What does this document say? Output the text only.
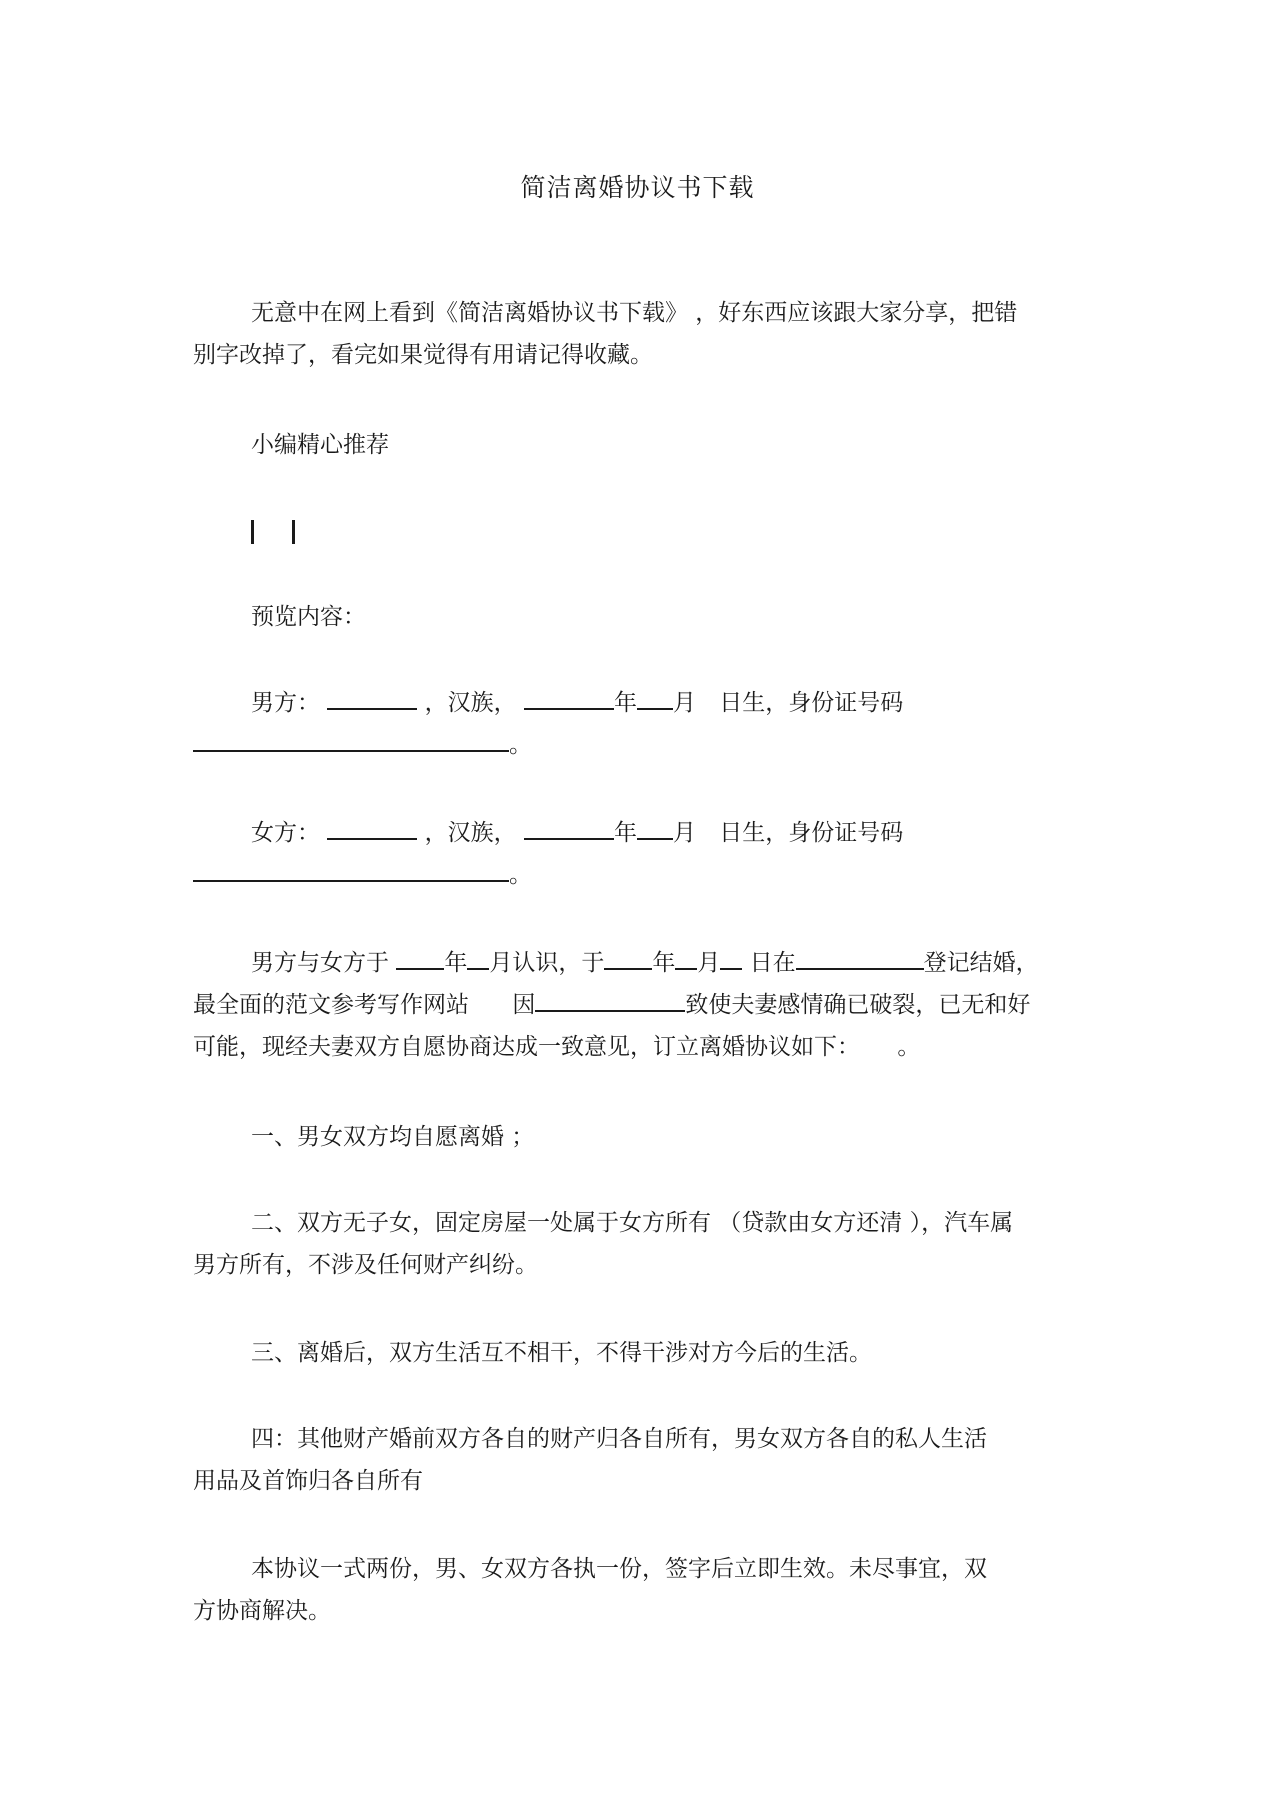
简洁离婚协议书下载
无意中在网上看到《简洁离婚协议书下载》 ，好东西应该跟大家分享，把错
别字改掉了，看完如果觉得有用请记得收藏。
小编精心推荐
预览内容：
男方：	，汉族，	年 月 日生，身份证号码
。
女方：	，汉族，	年 月 日生，身份证号码
。
男方与女方于 年 月认识，于 年 月 日在	登记结婚，
最全面的范文参考写作网站 因	致使夫妻感情确已破裂，已无和好
可能，现经夫妻双方自愿协商达成一致意见，订立离婚协议如下： 。
一、男女双方均自愿离婚 ；
二、双方无子女，固定房屋一处属于女方所有 （贷款由女方还清 ），汽车属
男方所有，不涉及任何财产纠纷。
三、离婚后，双方生活互不相干，不得干涉对方今后的生活。
四：其他财产婚前双方各自的财产归各自所有，男女双方各自的私人生活
用品及首饰归各自所有
本协议一式两份，男、女双方各执一份，签字后立即生效。未尽事宜，双
方协商解决。
